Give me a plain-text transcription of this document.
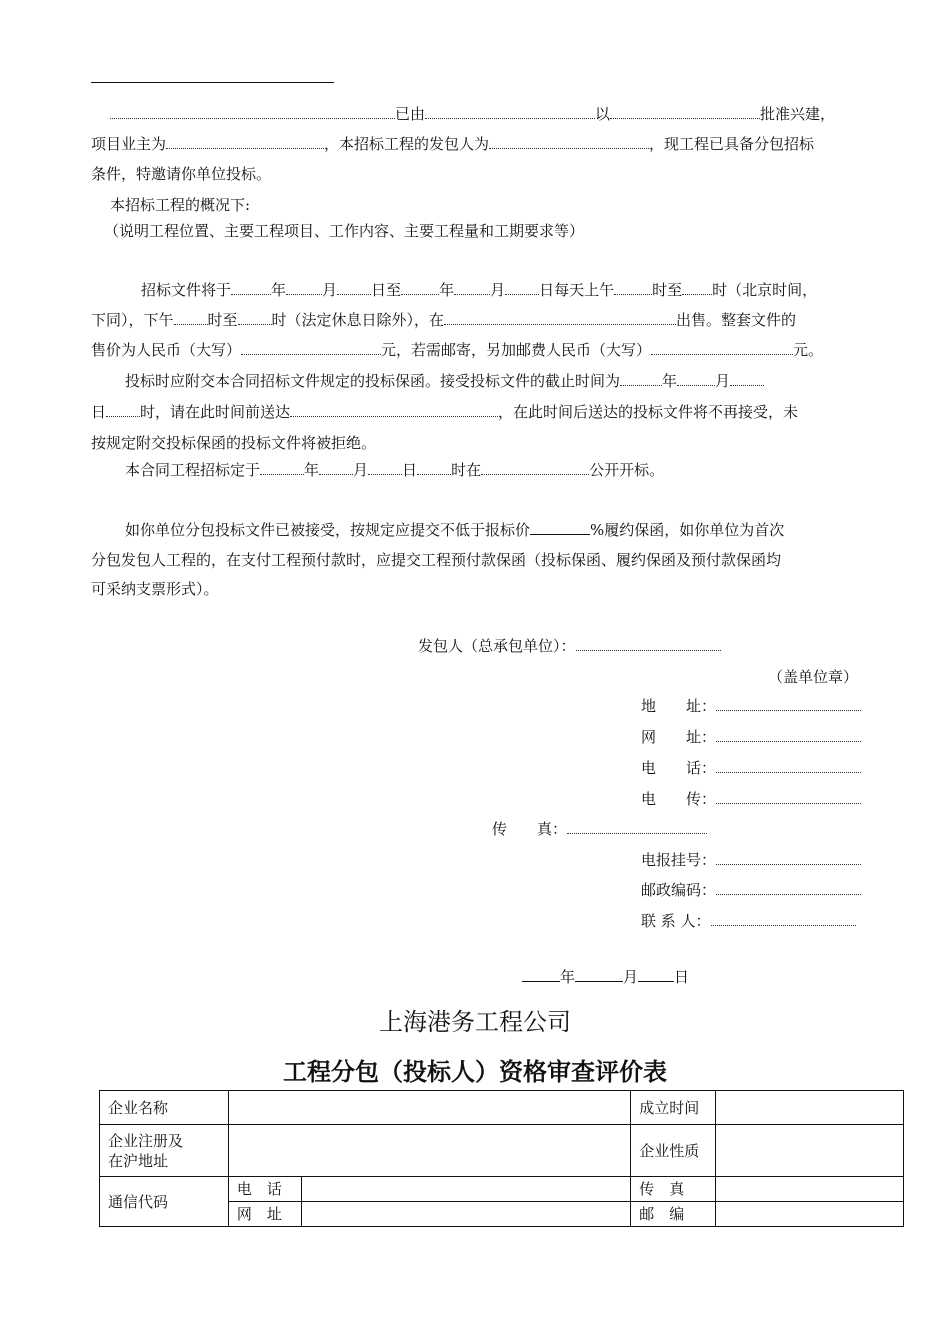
已由	以	批准兴建，
项目业主为	，本招标工程的发包人为	，现工程已具备分包招标
条件，特邀请你单位投标。
本招标工程的概况下:
（说明工程位置、主要工程项目、工作内容、主要工程量和工期要求等）
招标文件将于	年 月 日至	年 月 日每天上午	时至 时（北京时间，
下同），下午 时至 时（法定休息日除外），在	出售。整套文件的
售价为人民币（大写）	元，若需邮寄，另加邮费人民币（大写）	元。
投标时应附交本合同招标文件规定的投标保函。接受投标文件的截止时间为	年	月
日 时，请在此时间前送达	，在此时间后送达的投标文件将不再接受，未
按规定附交投标保函的投标文件将被拒绝。
本合同工程招标定于	年 月 日 时在	公开开标。
如你单位分包投标文件已被接受，按规定应提交不低于报标价	%履约保函，如你单位为首次
分包发包人工程的，在支付工程预付款时，应提交工程预付款保函（投标保函、履约保函及预付款保函均
可采纳支票形式）。
发包人（总承包单位）：
（盖单位章）
地　　址：
网　　址：
电　　话：
电　　传：
传　　真：
电报挂号：
邮政编码：
联 系 人：
年	月 日
上海港务工程公司
工程分包（投标人）资格审查评价表
企业名称			成立时间	
企业注册及
在沪地址			企业性质	
通信代码	电　话		传　真	
	网　址		邮　编	
